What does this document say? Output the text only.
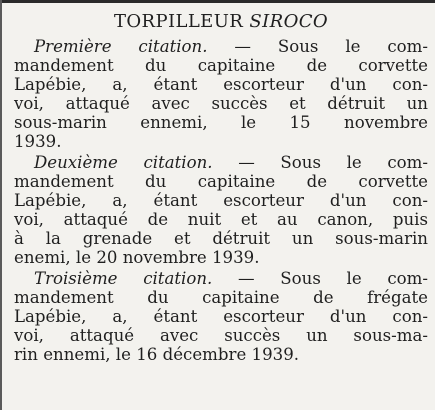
TORPILLEUR SIROCO
Première citation. — Sous le com-
mandement du capitaine de corvette
Lapébie, a, étant escorteur d'un con-
voi, attaqué avec succès et détruit un
sous-marin ennemi, le 15 novembre
1939.
Deuxième citation. — Sous le com-
mandement du capitaine de corvette
Lapébie, a, étant escorteur d'un con-
voi, attaqué de nuit et au canon, puis
à la grenade et détruit un sous-marin
enemi, le 20 novembre 1939.
Troisième citation. — Sous le com-
mandement du capitaine de frégate
Lapébie, a, étant escorteur d'un con-
voi, attaqué avec succès un sous-ma-
rin ennemi, le 16 décembre 1939.
